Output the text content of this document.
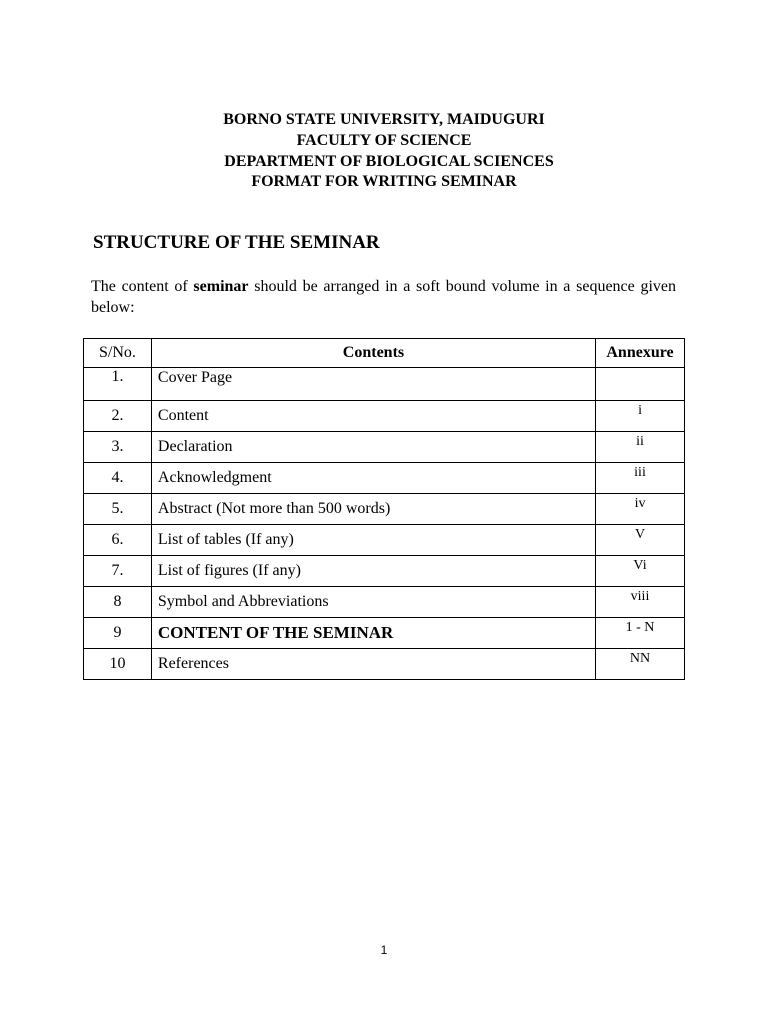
BORNO STATE UNIVERSITY, MAIDUGURI
FACULTY OF SCIENCE
DEPARTMENT OF BIOLOGICAL SCIENCES
FORMAT FOR WRITING SEMINAR
STRUCTURE OF THE SEMINAR

The content of seminar should be arranged in a soft bound volume in a sequence given below:

S/No.	Contents	Annexure
1.	Cover Page	
2.	Content	i
3.	Declaration	ii
4.	Acknowledgment	iii
5.	Abstract (Not more than 500 words)	iv
6.	List of tables (If any)	V
7.	List of figures (If any)	Vi
8	Symbol and Abbreviations	viii
9	CONTENT OF THE SEMINAR	1 - N
10	References	NN
1
